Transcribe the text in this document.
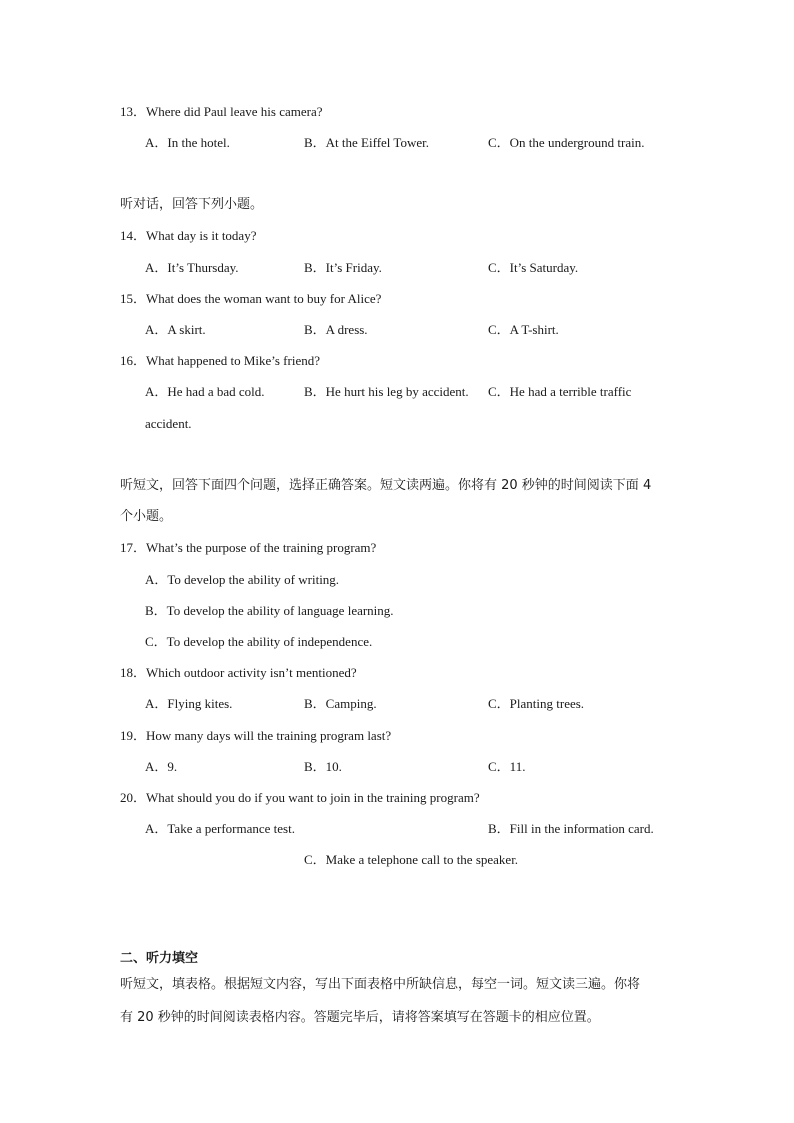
13．Where did Paul leave his camera?
A．In the hotel.	B．At the Eiffel Tower.	C．On the underground train.
听对话，回答下列小题。
14．What day is it today?
A．It’s Thursday.	B．It’s Friday.	C．It’s Saturday.
15．What does the woman want to buy for Alice?
A．A skirt.	B．A dress.	C．A T-shirt.
16．What happened to Mike’s friend?
A．He had a bad cold.	B．He hurt his leg by accident. C．He had a terrible traffic
accident.
听短文，回答下面四个问题，选择正确答案。短文读两遍。你将有 20 秒钟的时间阅读下面 4
个小题。
17．What’s the purpose of the training program?
A．To develop the ability of writing.
B．To develop the ability of language learning.
C．To develop the ability of independence.
18．Which outdoor activity isn’t mentioned?
A．Flying kites.	B．Camping.	C．Planting trees.
19．How many days will the training program last?
A．9.	B．10.	C．11.
20．What should you do if you want to join in the training program?
A．Take a performance test.	B．Fill in the information card.
C．Make a telephone call to the speaker.
二、听力填空
听短文，填表格。根据短文内容，写出下面表格中所缺信息，每空一词。短文读三遍。你将
有 20 秒钟的时间阅读表格内容。答题完毕后，请将答案填写在答题卡的相应位置。
